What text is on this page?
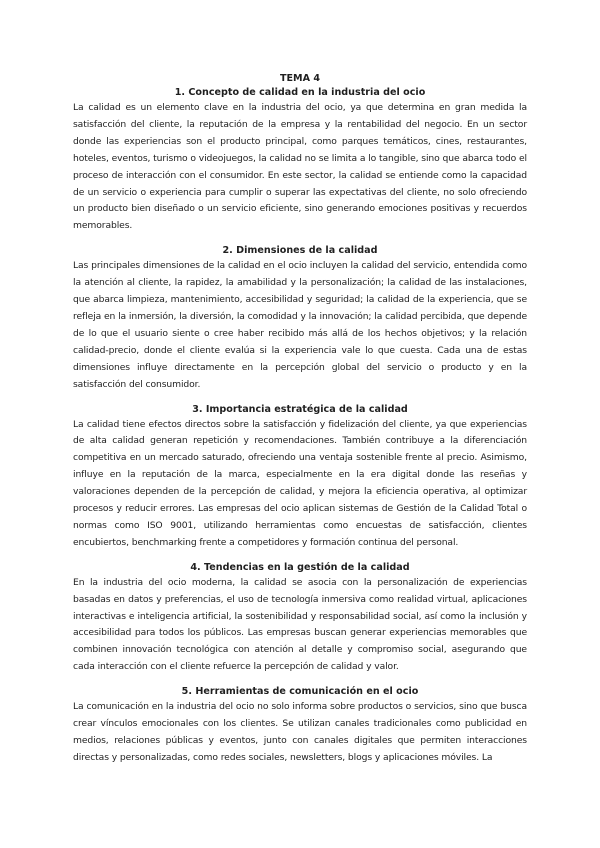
TEMA 4

1. Concepto de calidad en la industria del ocio

La calidad es un elemento clave en la industria del ocio, ya que determina en gran medida la satisfacción del cliente, la reputación de la empresa y la rentabilidad del negocio. En un sector donde las experiencias son el producto principal, como parques temáticos, cines, restaurantes, hoteles, eventos, turismo o videojuegos, la calidad no se limita a lo tangible, sino que abarca todo el proceso de interacción con el consumidor. En este sector, la calidad se entiende como la capacidad de un servicio o experiencia para cumplir o superar las expectativas del cliente, no solo ofreciendo un producto bien diseñado o un servicio eficiente, sino generando emociones positivas y recuerdos memorables.

2. Dimensiones de la calidad

Las principales dimensiones de la calidad en el ocio incluyen la calidad del servicio, entendida como la atención al cliente, la rapidez, la amabilidad y la personalización; la calidad de las instalaciones, que abarca limpieza, mantenimiento, accesibilidad y seguridad; la calidad de la experiencia, que se refleja en la inmersión, la diversión, la comodidad y la innovación; la calidad percibida, que depende de lo que el usuario siente o cree haber recibido más allá de los hechos objetivos; y la relación calidad-precio, donde el cliente evalúa si la experiencia vale lo que cuesta. Cada una de estas dimensiones influye directamente en la percepción global del servicio o producto y en la satisfacción del consumidor.

3. Importancia estratégica de la calidad

La calidad tiene efectos directos sobre la satisfacción y fidelización del cliente, ya que experiencias de alta calidad generan repetición y recomendaciones. También contribuye a la diferenciación competitiva en un mercado saturado, ofreciendo una ventaja sostenible frente al precio. Asimismo, influye en la reputación de la marca, especialmente en la era digital donde las reseñas y valoraciones dependen de la percepción de calidad, y mejora la eficiencia operativa, al optimizar procesos y reducir errores. Las empresas del ocio aplican sistemas de Gestión de la Calidad Total o normas como ISO 9001, utilizando herramientas como encuestas de satisfacción, clientes encubiertos, benchmarking frente a competidores y formación continua del personal.

4. Tendencias en la gestión de la calidad

En la industria del ocio moderna, la calidad se asocia con la personalización de experiencias basadas en datos y preferencias, el uso de tecnología inmersiva como realidad virtual, aplicaciones interactivas e inteligencia artificial, la sostenibilidad y responsabilidad social, así como la inclusión y accesibilidad para todos los públicos. Las empresas buscan generar experiencias memorables que combinen innovación tecnológica con atención al detalle y compromiso social, asegurando que cada interacción con el cliente refuerce la percepción de calidad y valor.

5. Herramientas de comunicación en el ocio

La comunicación en la industria del ocio no solo informa sobre productos o servicios, sino que busca crear vínculos emocionales con los clientes. Se utilizan canales tradicionales como publicidad en medios, relaciones públicas y eventos, junto con canales digitales que permiten interacciones directas y personalizadas, como redes sociales, newsletters, blogs y aplicaciones móviles. La
